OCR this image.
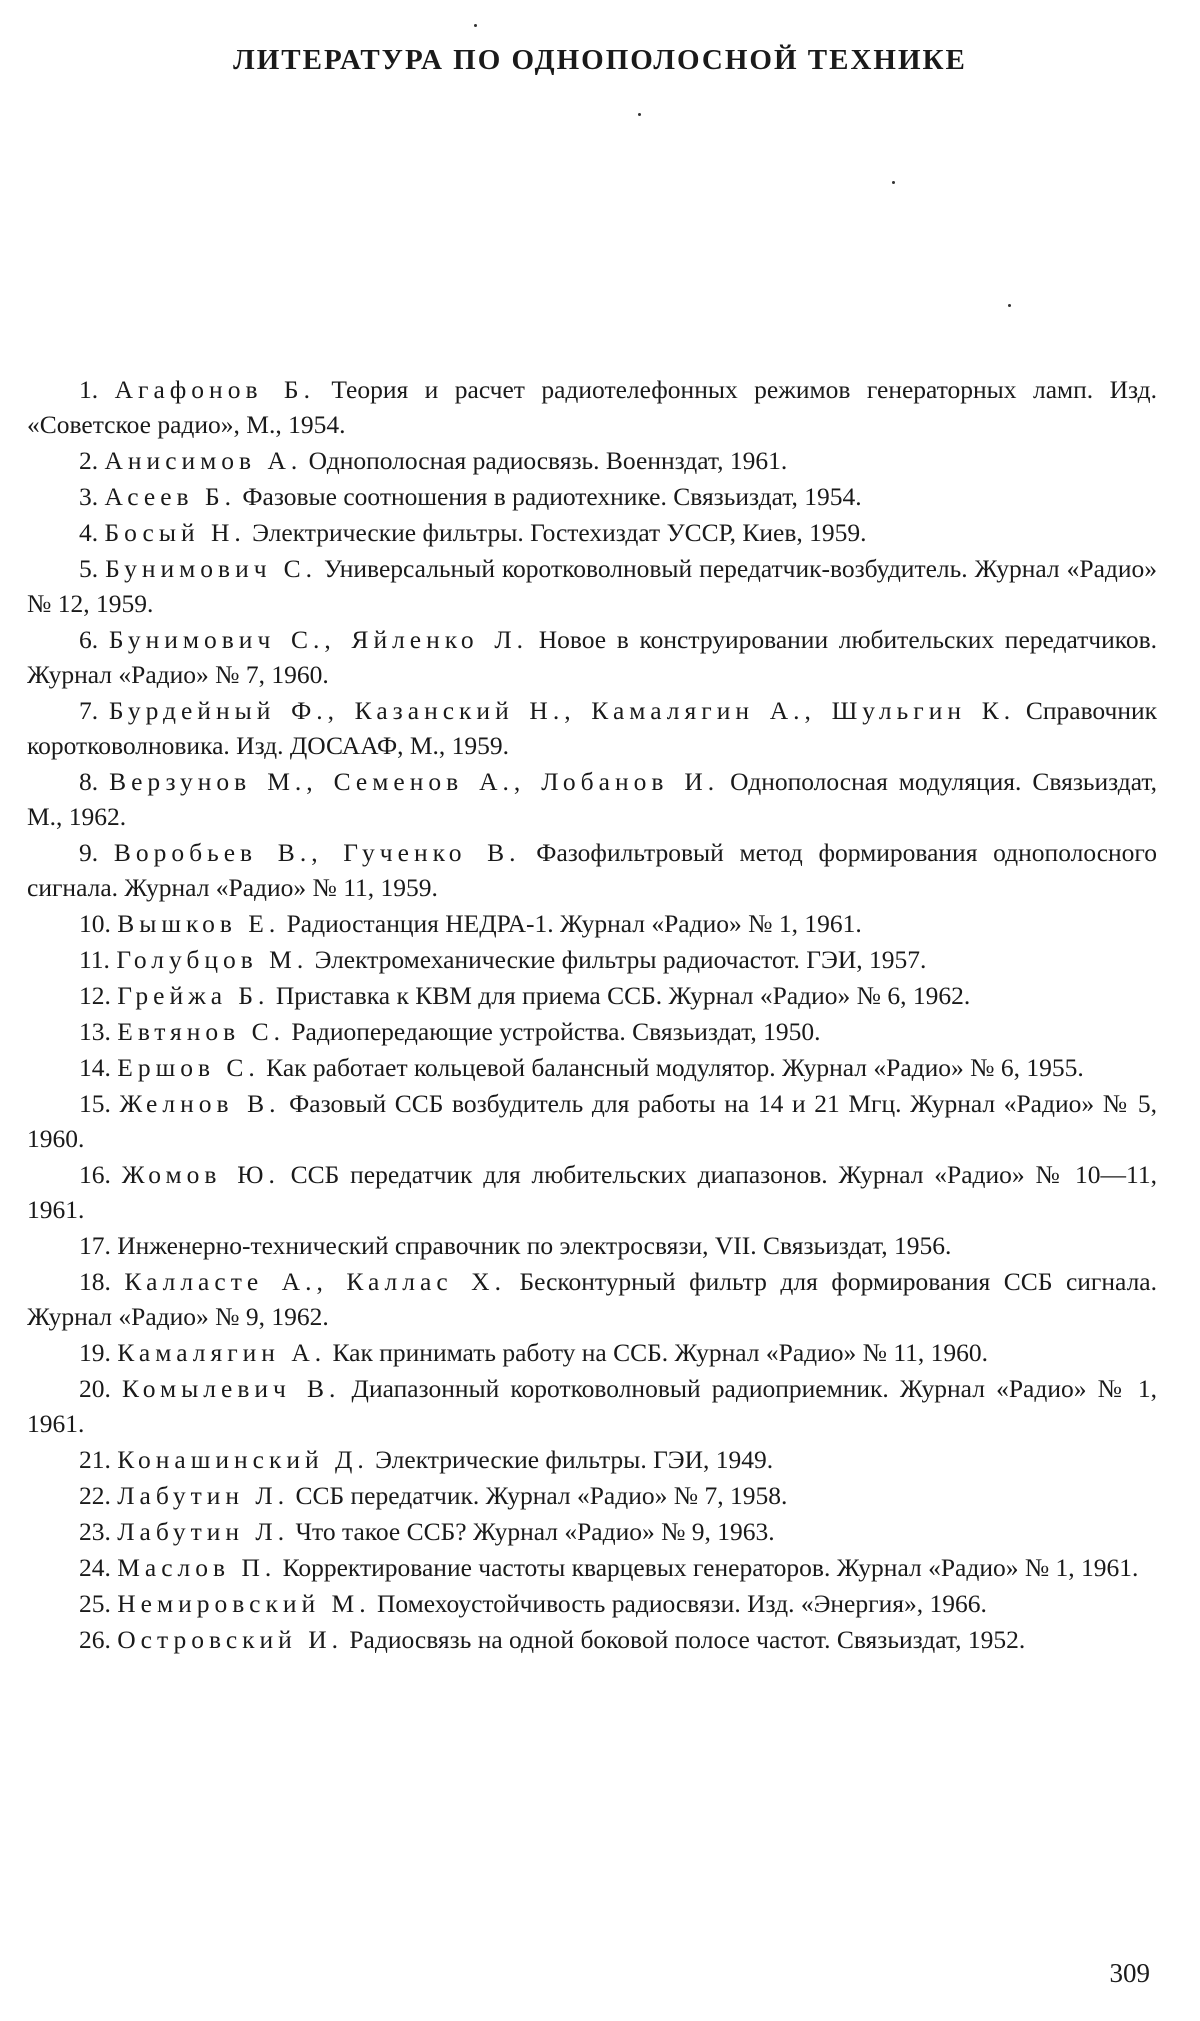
ЛИТЕРАТУРА ПО ОДНОПОЛОСНОЙ ТЕХНИКЕ
1. Агафонов Б. Теория и расчет радиотелефонных режимов генераторных ламп. Изд. «Советское радио», М., 1954.
2. Анисимов А. Однополосная радиосвязь. Военнздат, 1961.
3. Асеев Б. Фазовые соотношения в радиотехнике. Связьиздат, 1954.
4. Босый Н. Электрические фильтры. Гостехиздат УССР, Киев, 1959.
5. Бунимович С. Универсальный коротковолновый передатчик-возбудитель. Журнал «Радио» № 12, 1959.
6. Бунимович С., Яйленко Л. Новое в конструировании любительских передатчиков. Журнал «Радио» № 7, 1960.
7. Бурдейный Ф., Казанский Н., Камалягин А., Шульгин К. Справочник коротковолновика. Изд. ДОСААФ, М., 1959.
8. Верзунов М., Семенов А., Лобанов И. Однополосная модуляция. Связьиздат, М., 1962.
9. Воробьев В., Гученко В. Фазофильтровый метод формирования однополосного сигнала. Журнал «Радио» № 11, 1959.
10. Вышков Е. Радиостанция НЕДРА-1. Журнал «Радио» № 1, 1961.
11. Голубцов М. Электромеханические фильтры радиочастот. ГЭИ, 1957.
12. Грейжа Б. Приставка к КВМ для приема ССБ. Журнал «Радио» № 6, 1962.
13. Евтянов С. Радиопередающие устройства. Связьиздат, 1950.
14. Ершов С. Как работает кольцевой балансный модулятор. Журнал «Радио» № 6, 1955.
15. Желнов В. Фазовый ССБ возбудитель для работы на 14 и 21 Мгц. Журнал «Радио» № 5, 1960.
16. Жомов Ю. ССБ передатчик для любительских диапазонов. Журнал «Радио» № 10—11, 1961.
17. Инженерно-технический справочник по электросвязи, VII. Связьиздат, 1956.
18. Калласте А., Каллас Х. Бесконтурный фильтр для формирования ССБ сигнала. Журнал «Радио» № 9, 1962.
19. Камалягин А. Как принимать работу на ССБ. Журнал «Радио» № 11, 1960.
20. Комылевич В. Диапазонный коротковолновый радиоприемник. Журнал «Радио» № 1, 1961.
21. Конашинский Д. Электрические фильтры. ГЭИ, 1949.
22. Лабутин Л. ССБ передатчик. Журнал «Радио» № 7, 1958.
23. Лабутин Л. Что такое ССБ? Журнал «Радио» № 9, 1963.
24. Маслов П. Корректирование частоты кварцевых генераторов. Журнал «Радио» № 1, 1961.
25. Немировский М. Помехоустойчивость радиосвязи. Изд. «Энергия», 1966.
26. Островский И. Радиосвязь на одной боковой полосе частот. Связьиздат, 1952.
309
